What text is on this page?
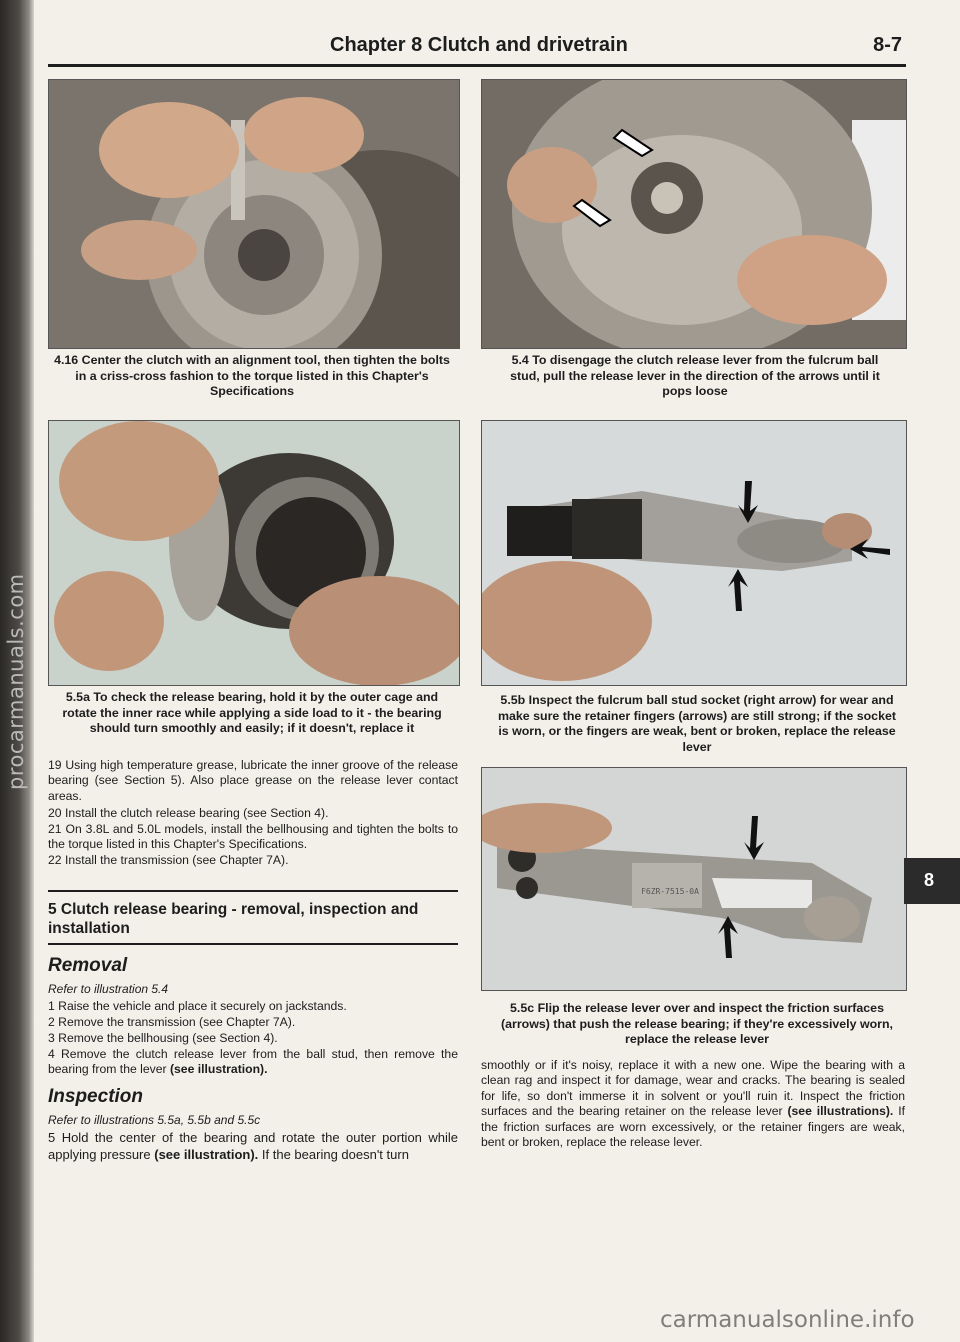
procarmanuals.com
Chapter 8 Clutch and drivetrain	8-7
4.16 Center the clutch with an alignment tool, then tighten the bolts in a criss-cross fashion to the torque listed in this Chapter's Specifications
5.4 To disengage the clutch release lever from the fulcrum ball stud, pull the release lever in the direction of the arrows until it pops loose
5.5a To check the release bearing, hold it by the outer cage and rotate the inner race while applying a side load to it - the bearing should turn smoothly and easily; if it doesn't, replace it
5.5b Inspect the fulcrum ball stud socket (right arrow) for wear and make sure the retainer fingers (arrows) are still strong; if the socket is worn, or the fingers are weak, bent or broken, replace the release lever
19 Using high temperature grease, lubricate the inner groove of the release bearing (see Section 5). Also place grease on the release lever contact areas.
20 Install the clutch release bearing (see Section 4).
21 On 3.8L and 5.0L models, install the bellhousing and tighten the bolts to the torque listed in this Chapter's Specifications.
22 Install the transmission (see Chapter 7A).
5 Clutch release bearing - removal, inspection and installation
Removal
Refer to illustration 5.4
1 Raise the vehicle and place it securely on jackstands.
2 Remove the transmission (see Chapter 7A).
3 Remove the bellhousing (see Section 4).
4 Remove the clutch release lever from the ball stud, then remove the bearing from the lever (see illustration).
Inspection
Refer to illustrations 5.5a, 5.5b and 5.5c
5 Hold the center of the bearing and rotate the outer portion while applying pressure (see illustration). If the bearing doesn't turn
F6ZR-7515-0A
5.5c Flip the release lever over and inspect the friction surfaces (arrows) that push the release bearing; if they're excessively worn, replace the release lever
smoothly or if it's noisy, replace it with a new one. Wipe the bearing with a clean rag and inspect it for damage, wear and cracks. The bearing is sealed for life, so don't immerse it in solvent or you'll ruin it. Inspect the friction surfaces and the bearing retainer on the release lever (see illustrations). If the friction surfaces are worn excessively, or the retainer fingers are weak, bent or broken, replace the release lever.
8
carmanualsonline.info
